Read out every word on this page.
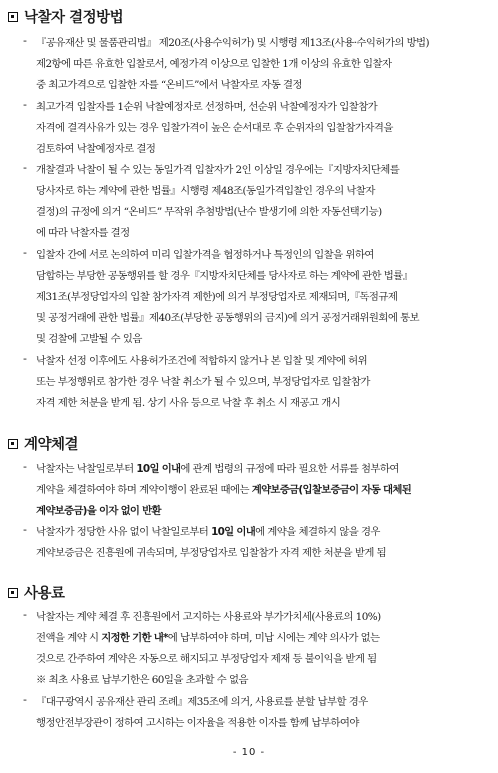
낙찰자 결정방법
- 『공유재산 및 물품관리법』 제20조(사용수익허가) 및 시행령 제13조(사용·수익허가의 방법)
제2항에 따른 유효한 입찰로서, 예정가격 이상으로 입찰한 1개 이상의 유효한 입찰자
중 최고가격으로 입찰한 자를 “온비드”에서 낙찰자로 자동 결정
- 최고가격 입찰자를 1순위 낙찰예정자로 선정하며, 선순위 낙찰예정자가 입찰참가
자격에 결격사유가 있는 경우 입찰가격이 높은 순서대로 후 순위자의 입찰참가자격을
검토하여 낙찰예정자로 결정
- 개찰결과 낙찰이 될 수 있는 동일가격 입찰자가 2인 이상일 경우에는『지방자치단체를
당사자로 하는 계약에 관한 법률』시행령 제48조(동일가격입찰인 경우의 낙찰자
결정)의 규정에 의거 “온비드” 무작위 추첨방법(난수 발생기에 의한 자동선택기능)
에 따라 낙찰자를 결정
- 입찰자 간에 서로 논의하여 미리 입찰가격을 협정하거나 특정인의 입찰을 위하여
담합하는 부당한 공동행위를 할 경우『지방자치단체를 당사자로 하는 계약에 관한 법률』
제31조(부정당업자의 입찰 참가자격 제한)에 의거 부정당업자로 제재되며,『독점규제
및 공정거래에 관한 법률』제40조(부당한 공동행위의 금지)에 의거 공정거래위원회에 통보
및 검찰에 고발될 수 있음
- 낙찰자 선정 이후에도 사용허가조건에 적합하지 않거나 본 입찰 및 계약에 허위
또는 부정행위로 참가한 경우 낙찰 취소가 될 수 있으며, 부정당업자로 입찰참가
자격 제한 처분을 받게 됨. 상기 사유 등으로 낙찰 후 취소 시 재공고 개시
계약체결
- 낙찰자는 낙찰일로부터 10일 이내에 관계 법령의 규정에 따라 필요한 서류를 첨부하여
계약을 체결하여야 하며 계약이행이 완료된 때에는 계약보증금(입찰보증금이 자동 대체된
계약보증금)을 이자 없이 반환
- 낙찰자가 정당한 사유 없이 낙찰일로부터 10일 이내에 계약을 체결하지 않을 경우
계약보증금은 진흥원에 귀속되며, 부정당업자로 입찰참가 자격 제한 처분을 받게 됨
사용료
- 낙찰자는 계약 체결 후 진흥원에서 고지하는 사용료와 부가가치세(사용료의 10%)
전액을 계약 시 지정한 기한 내*에 납부하여야 하며, 미납 시에는 계약 의사가 없는
것으로 간주하여 계약은 자동으로 해지되고 부정당업자 제재 등 불이익을 받게 됨
※ 최초 사용료 납부기한은 60일을 초과할 수 없음
- 『대구광역시 공유재산 관리 조례』제35조에 의거, 사용료를 분할 납부할 경우
행정안전부장관이 정하여 고시하는 이자율을 적용한 이자를 함께 납부하여야
- 10 -
